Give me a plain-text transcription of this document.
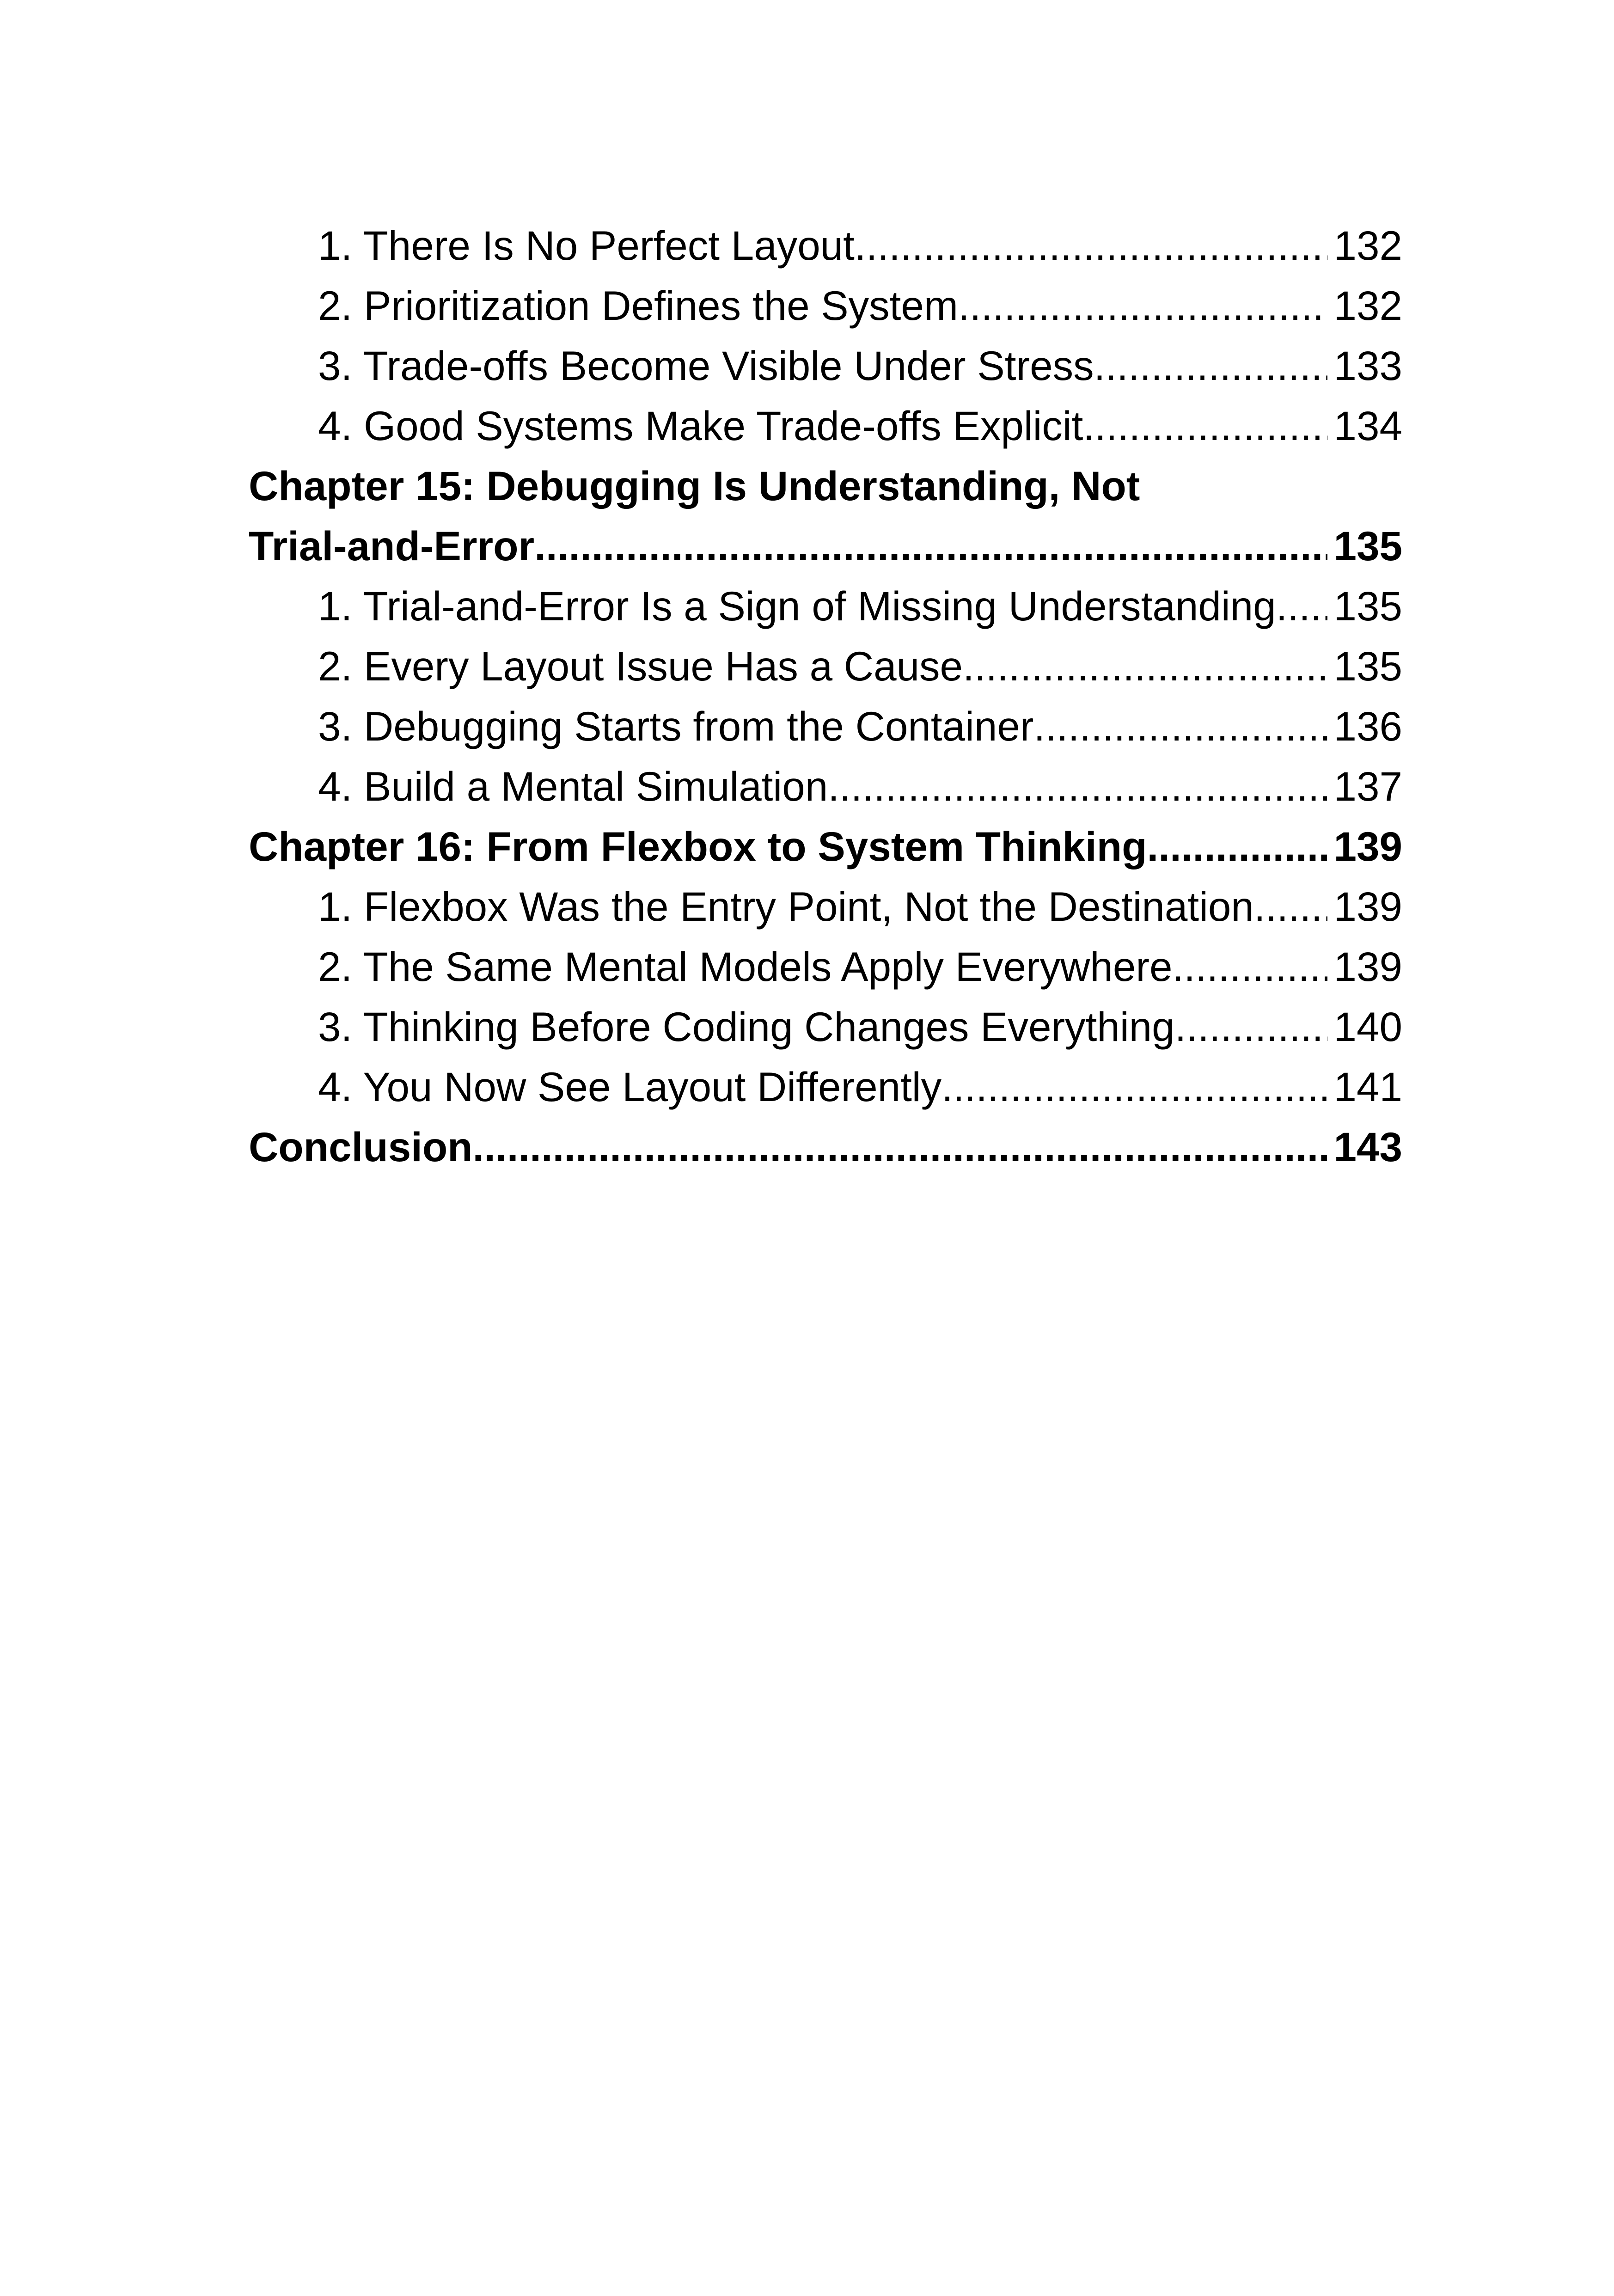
1. There Is No Perfect Layout .....	132
2. Prioritization Defines the System .....	132
3. Trade-offs Become Visible Under Stress .....	133
4. Good Systems Make Trade-offs Explicit .....	134
Chapter 15: Debugging Is Understanding, Not
Trial-and-Error .....	135
1. Trial-and-Error Is a Sign of Missing Understanding ..... 135
2. Every Layout Issue Has a Cause .....	135
3. Debugging Starts from the Container .....	136
4. Build a Mental Simulation .....	137
Chapter 16: From Flexbox to System Thinking .....	139
1. Flexbox Was the Entry Point, Not the Destination ..... 139
2. The Same Mental Models Apply Everywhere .....	139
3. Thinking Before Coding Changes Everything .....	140
4. You Now See Layout Differently .....	141
Conclusion .....	143
